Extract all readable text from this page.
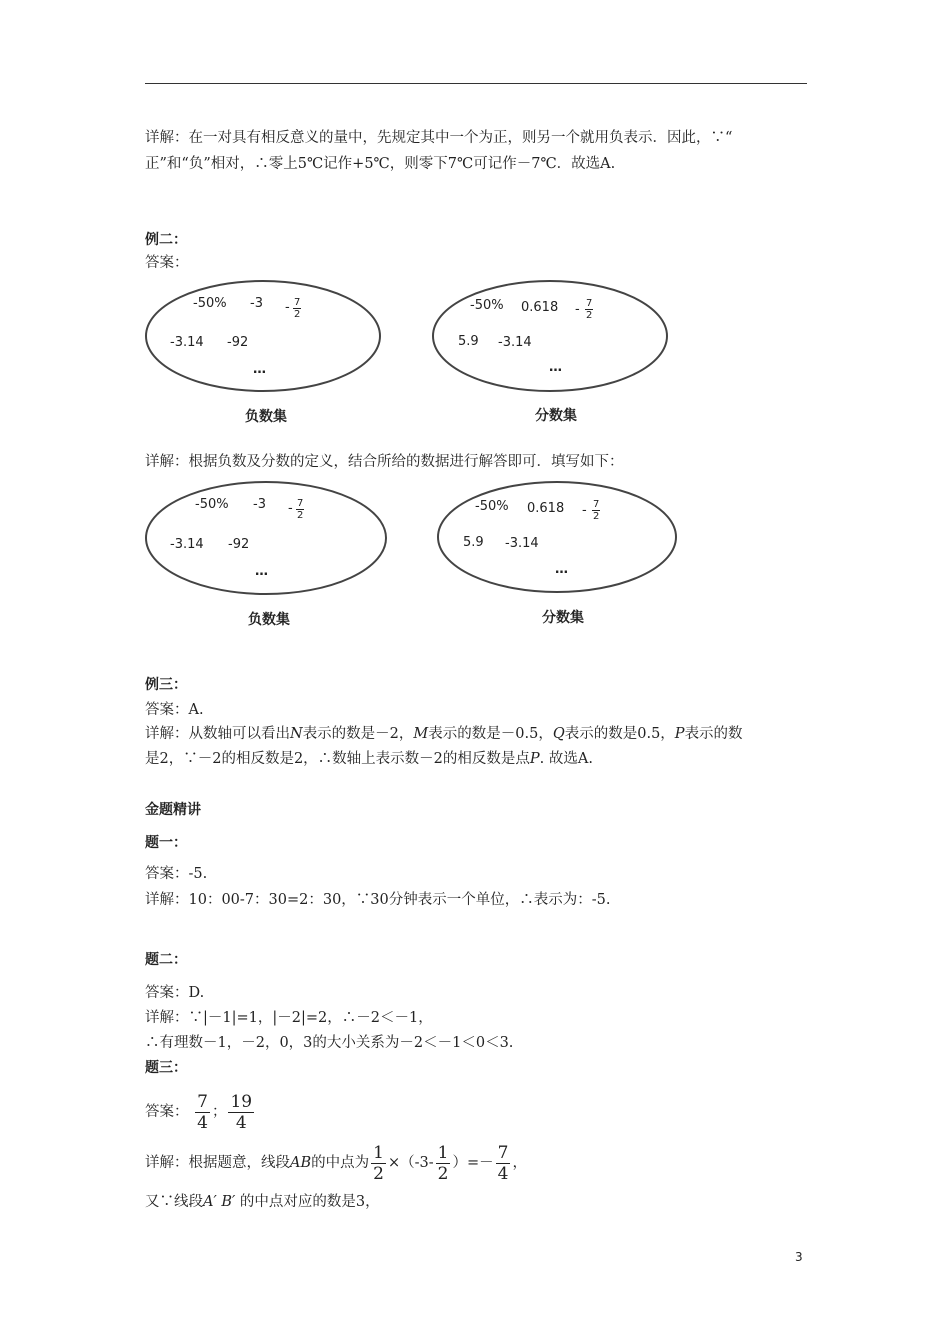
详解：在一对具有相反意义的量中，先规定其中一个为正，则另一个就用负表示．因此，∵“
正”和“负”相对，∴零上5℃记作+5℃，则零下7℃可记作－7℃．故选A.
例二：
答案：
-50% $-3 - \frac{7}{2}$
-3.14 -92
…
负数集
-50% $0.618 - \frac{7}{2}$
5.9 -3.14
…
分数集
详解：根据负数及分数的定义，结合所给的数据进行解答即可．填写如下：
-50% $-3 - \frac{7}{2}$
-3.14 -92
…
负数集
-50% $0.618 - \frac{7}{2}$
5.9 -3.14
…
分数集
例三：
答案：A.
详解：从数轴可以看出N表示的数是－2，M表示的数是－0.5，Q表示的数是0.5，P表示的数
是2，∵－2的相反数是2，∴数轴上表示数－2的相反数是点P. 故选A.
金题精讲
题一：
答案：-5.
详解：10：00-7：30=2：30，∵30分钟表示一个单位，∴表示为：-5.
题二：
答案：D.
详解：∵|－1|=1，|－2|=2，∴－2＜－1，
∴有理数－1，－2，0，3的大小关系为－2＜－1＜0＜3.
题三：
答案： $\frac{7}{4}$ ； $\frac{19}{4}$
详解：根据题意，线段AB的中点为 $\frac{1}{2} \times(-3- \frac{1}{2}$ ）=－ $\frac{7}{4}$ ，
又∵线段A′ B′ 的中点对应的数是3，
3
